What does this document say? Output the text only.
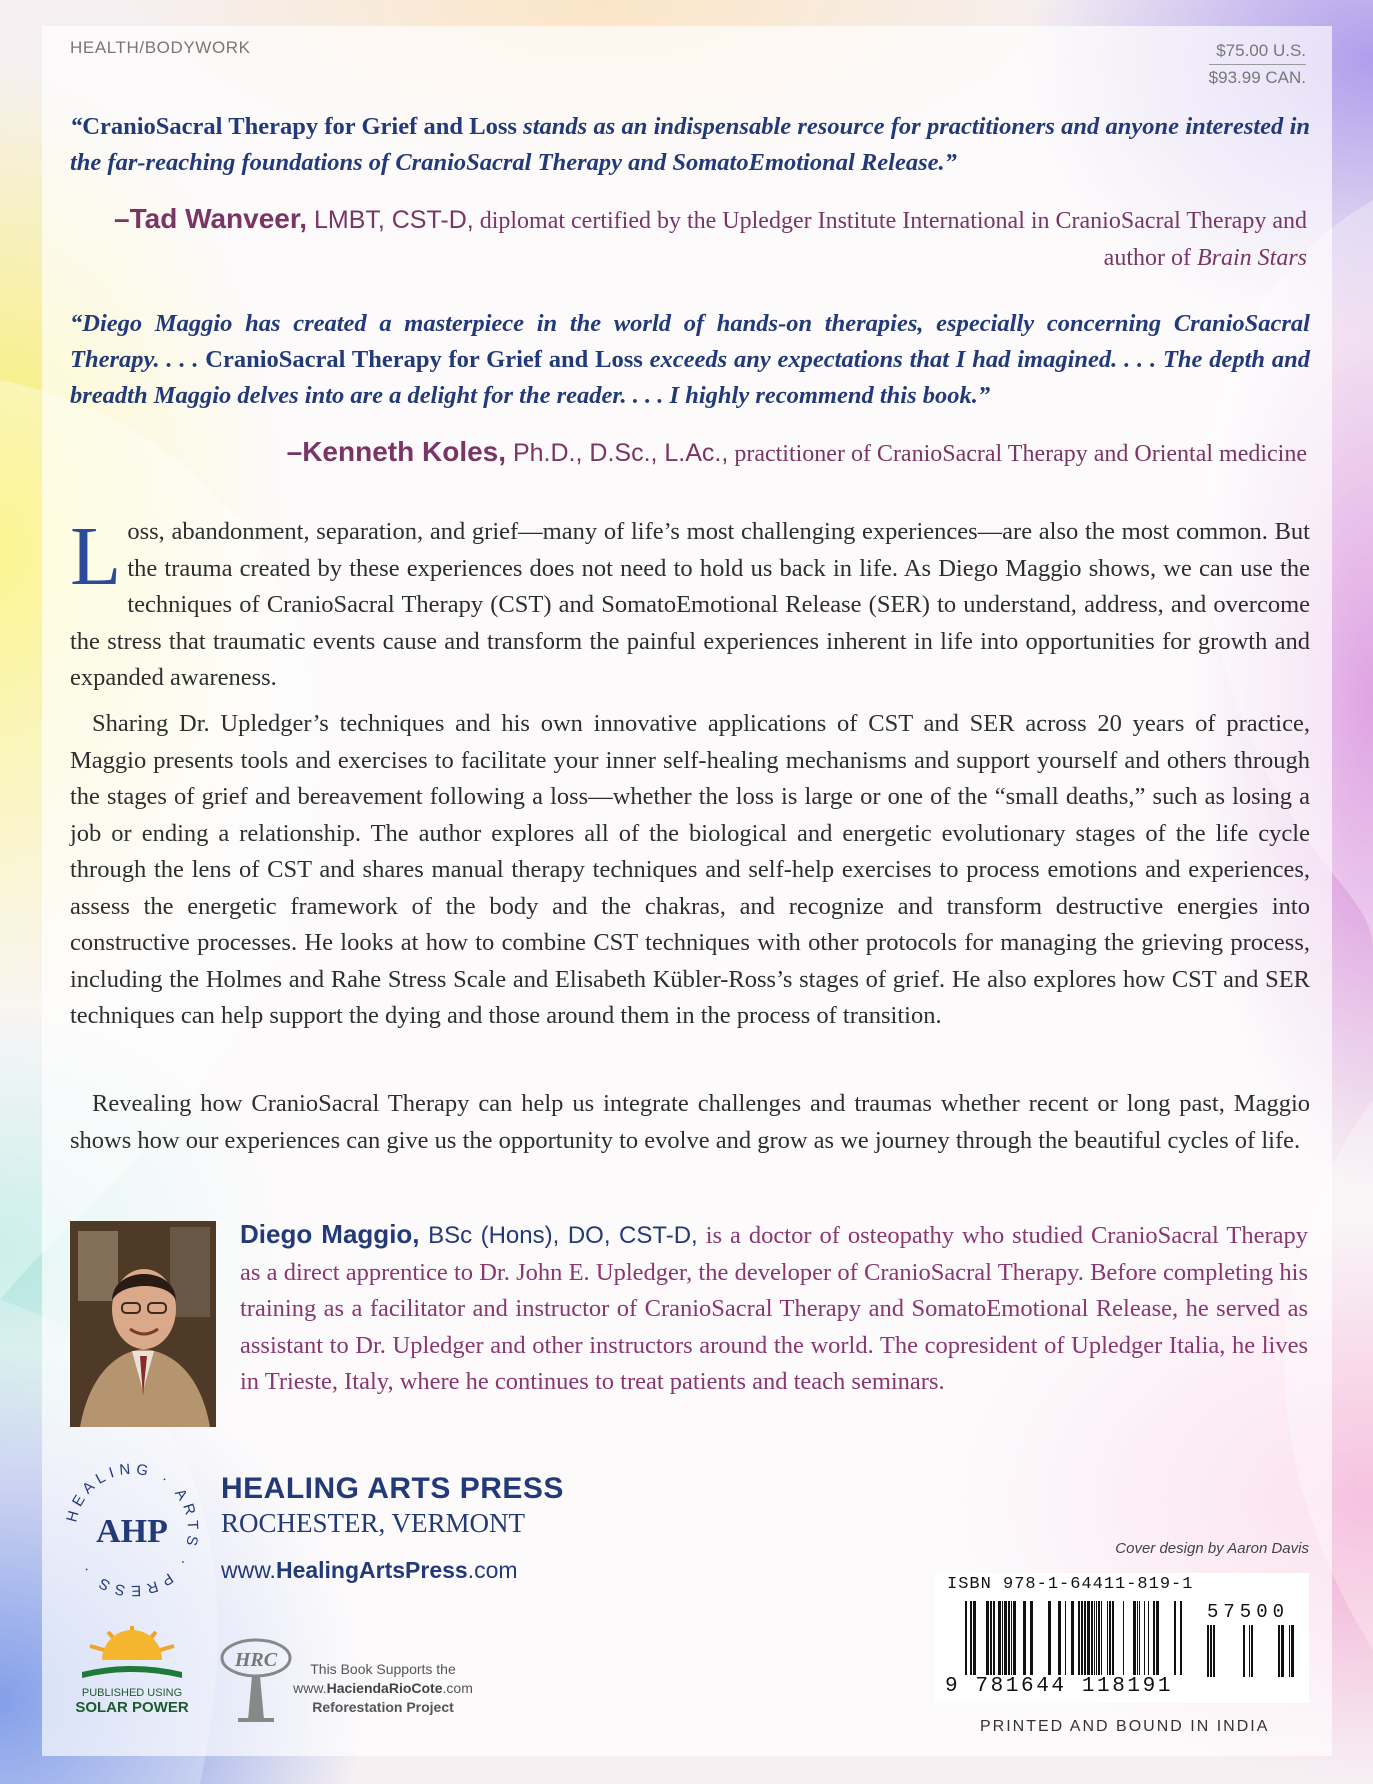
HEALTH/BODYWORK	$75.00 U.S.
$93.99 CAN.

“CranioSacral Therapy for Grief and Loss stands as an indispensable resource for practitioners and anyone interested in the far-reaching foundations of CranioSacral Therapy and SomatoEmotional Release.”

–Tad Wanveer, LMBT, CST-D, diplomat certified by the Upledger Institute International in CranioSacral Therapy and author of Brain Stars

“Diego Maggio has created a masterpiece in the world of hands-on therapies, especially concerning CranioSacral Therapy. . . . CranioSacral Therapy for Grief and Loss exceeds any expectations that I had imagined. . . . The depth and breadth Maggio delves into are a delight for the reader. . . . I highly recommend this book.”

–Kenneth Koles, Ph.D., D.Sc., L.Ac., practitioner of CranioSacral Therapy and Oriental medicine

Loss, abandonment, separation, and grief—many of life’s most challenging experiences—are also the most common. But the trauma created by these experiences does not need to hold us back in life. As Diego Maggio shows, we can use the techniques of CranioSacral Therapy (CST) and SomatoEmotional Release (SER) to understand, address, and overcome the stress that traumatic events cause and transform the painful experiences inherent in life into opportunities for growth and expanded awareness.

Sharing Dr. Upledger’s techniques and his own innovative applications of CST and SER across 20 years of practice, Maggio presents tools and exercises to facilitate your inner self-healing mechanisms and support yourself and others through the stages of grief and bereavement following a loss—whether the loss is large or one of the “small deaths,” such as losing a job or ending a relationship. The author explores all of the biological and energetic evolutionary stages of the life cycle through the lens of CST and shares manual therapy techniques and self-help exercises to process emotions and experiences, assess the energetic framework of the body and the chakras, and recognize and transform destructive energies into constructive processes. He looks at how to combine CST techniques with other protocols for managing the grieving process, including the Holmes and Rahe Stress Scale and Elisabeth Kübler-Ross’s stages of grief. He also explores how CST and SER techniques can help support the dying and those around them in the process of transition.

Revealing how CranioSacral Therapy can help us integrate challenges and traumas whether recent or long past, Maggio shows how our experiences can give us the opportunity to evolve and grow as we journey through the beautiful cycles of life.

Diego Maggio, BSc (Hons), DO, CST-D, is a doctor of osteopathy who studied CranioSacral Therapy as a direct apprentice to Dr. John E. Upledger, the developer of CranioSacral Therapy. Before completing his training as a facilitator and instructor of CranioSacral Therapy and SomatoEmotional Release, he served as assistant to Dr. Upledger and other instructors around the world. The copresident of Upledger Italia, he lives in Trieste, Italy, where he continues to treat patients and teach seminars.

HEALING · ARTS · PRESS ·
AHP
HEALING ARTS PRESS
ROCHESTER, VERMONT
www.HealingArtsPress.com
PUBLISHED USING
SOLAR POWER
HRC	This Book Supports the
www.HaciendaRioCote.com
Reforestation Project
Cover design by Aaron Davis
ISBN 978-1-64411-819-1
57500
9 781644 118191
PRINTED AND BOUND IN INDIA
